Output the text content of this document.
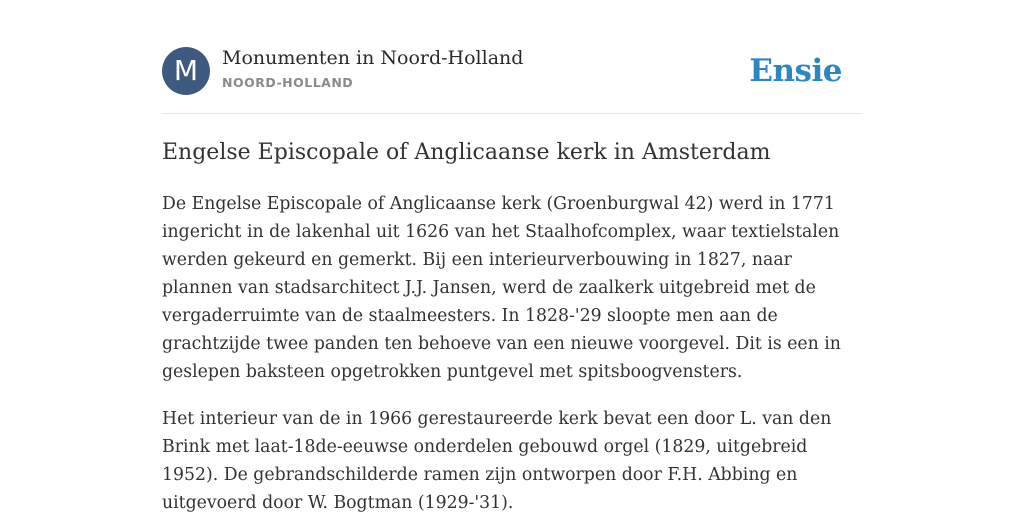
M	Monumenten in Noord-Holland
NOORD-HOLLAND	Ensie
Engelse Episcopale of Anglicaanse kerk in Amsterdam

De Engelse Episcopale of Anglicaanse kerk (Groenburgwal 42) werd in 1771 ingericht in de lakenhal uit 1626 van het Staalhofcomplex, waar textielstalen werden gekeurd en gemerkt. Bij een interieurverbouwing in 1827, naar plannen van stadsarchitect J.J. Jansen, werd de zaalkerk uitgebreid met de vergaderruimte van de staalmeesters. In 1828-'29 sloopte men aan de grachtzijde twee panden ten behoeve van een nieuwe voorgevel. Dit is een in geslepen baksteen opgetrokken puntgevel met spitsboogvensters.

Het interieur van de in 1966 gerestaureerde kerk bevat een door L. van den Brink met laat-18de-eeuwse onderdelen gebouwd orgel (1829, uitgebreid 1952). De gebrandschilderde ramen zijn ontworpen door F.H. Abbing en uitgevoerd door W. Bogtman (1929-'31).
